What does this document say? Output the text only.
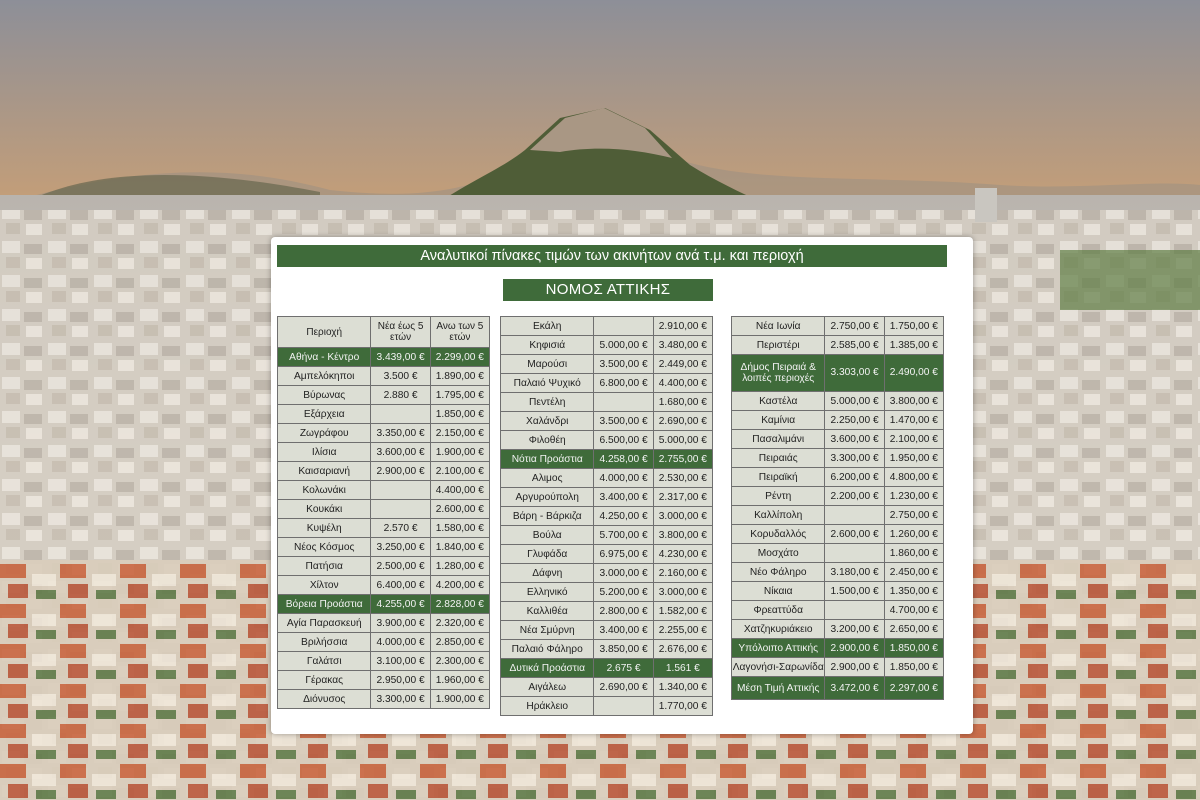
Αναλυτικοί πίνακες τιμών των ακινήτων ανά τ.μ. και περιοχή
ΝΟΜΟΣ ΑΤΤΙΚΗΣ
Περιοχή	Νέα έως 5 ετών	Ανω των 5 ετών
Αθήνα - Κέντρο	3.439,00 €	2.299,00 €
Αμπελόκηποι	3.500 €	1.890,00 €
Βύρωνας	2.880 €	1.795,00 €
Εξάρχεια		1.850,00 €
Ζωγράφου	3.350,00 €	2.150,00 €
Ιλίσια	3.600,00 €	1.900,00 €
Καισαριανή	2.900,00 €	2.100,00 €
Κολωνάκι		4.400,00 €
Κουκάκι		2.600,00 €
Κυψέλη	2.570 €	1.580,00 €
Νέος Κόσμος	3.250,00 €	1.840,00 €
Πατήσια	2.500,00 €	1.280,00 €
Χίλτον	6.400,00 €	4.200,00 €
Βόρεια Προάστια	4.255,00 €	2.828,00 €
Αγία Παρασκευή	3.900,00 €	2.320,00 €
Βριλήσσια	4.000,00 €	2.850,00 €
Γαλάτσι	3.100,00 €	2.300,00 €
Γέρακας	2.950,00 €	1.960,00 €
Διόνυσος	3.300,00 €	1.900,00 €
Εκάλη		2.910,00 €
Κηφισιά	5.000,00 €	3.480,00 €
Μαρούσι	3.500,00 €	2.449,00 €
Παλαιό Ψυχικό	6.800,00 €	4.400,00 €
Πεντέλη		1.680,00 €
Χαλάνδρι	3.500,00 €	2.690,00 €
Φιλοθέη	6.500,00 €	5.000,00 €
Νότια Προάστια	4.258,00 €	2.755,00 €
Αλιμος	4.000,00 €	2.530,00 €
Αργυρούπολη	3.400,00 €	2.317,00 €
Βάρη - Βάρκιζα	4.250,00 €	3.000,00 €
Βούλα	5.700,00 €	3.800,00 €
Γλυφάδα	6.975,00 €	4.230,00 €
Δάφνη	3.000,00 €	2.160,00 €
Ελληνικό	5.200,00 €	3.000,00 €
Καλλιθέα	2.800,00 €	1.582,00 €
Νέα Σμύρνη	3.400,00 €	2.255,00 €
Παλαιό Φάληρο	3.850,00 €	2.676,00 €
Δυτικά Προάστια	2.675 €	1.561 €
Αιγάλεω	2.690,00 €	1.340,00 €
Ηράκλειο		1.770,00 €
Νέα Ιωνία	2.750,00 €	1.750,00 €
Περιστέρι	2.585,00 €	1.385,00 €
Δήμος Πειραιά & λοιπές περιοχές	3.303,00 €	2.490,00 €
Καστέλα	5.000,00 €	3.800,00 €
Καμίνια	2.250,00 €	1.470,00 €
Πασαλιμάνι	3.600,00 €	2.100,00 €
Πειραιάς	3.300,00 €	1.950,00 €
Πειραϊκή	6.200,00 €	4.800,00 €
Ρέντη	2.200,00 €	1.230,00 €
Καλλίπολη		2.750,00 €
Κορυδαλλός	2.600,00 €	1.260,00 €
Μοσχάτο		1.860,00 €
Νέο Φάληρο	3.180,00 €	2.450,00 €
Νίκαια	1.500,00 €	1.350,00 €
Φρεαττύδα		4.700,00 €
Χατζηκυριάκειο	3.200,00 €	2.650,00 €
Υπόλοιπο Αττικής	2.900,00 €	1.850,00 €
Λαγονήσι-Σαρωνίδα	2.900,00 €	1.850,00 €
Μέση Τιμή Αττικής	3.472,00 €	2.297,00 €
